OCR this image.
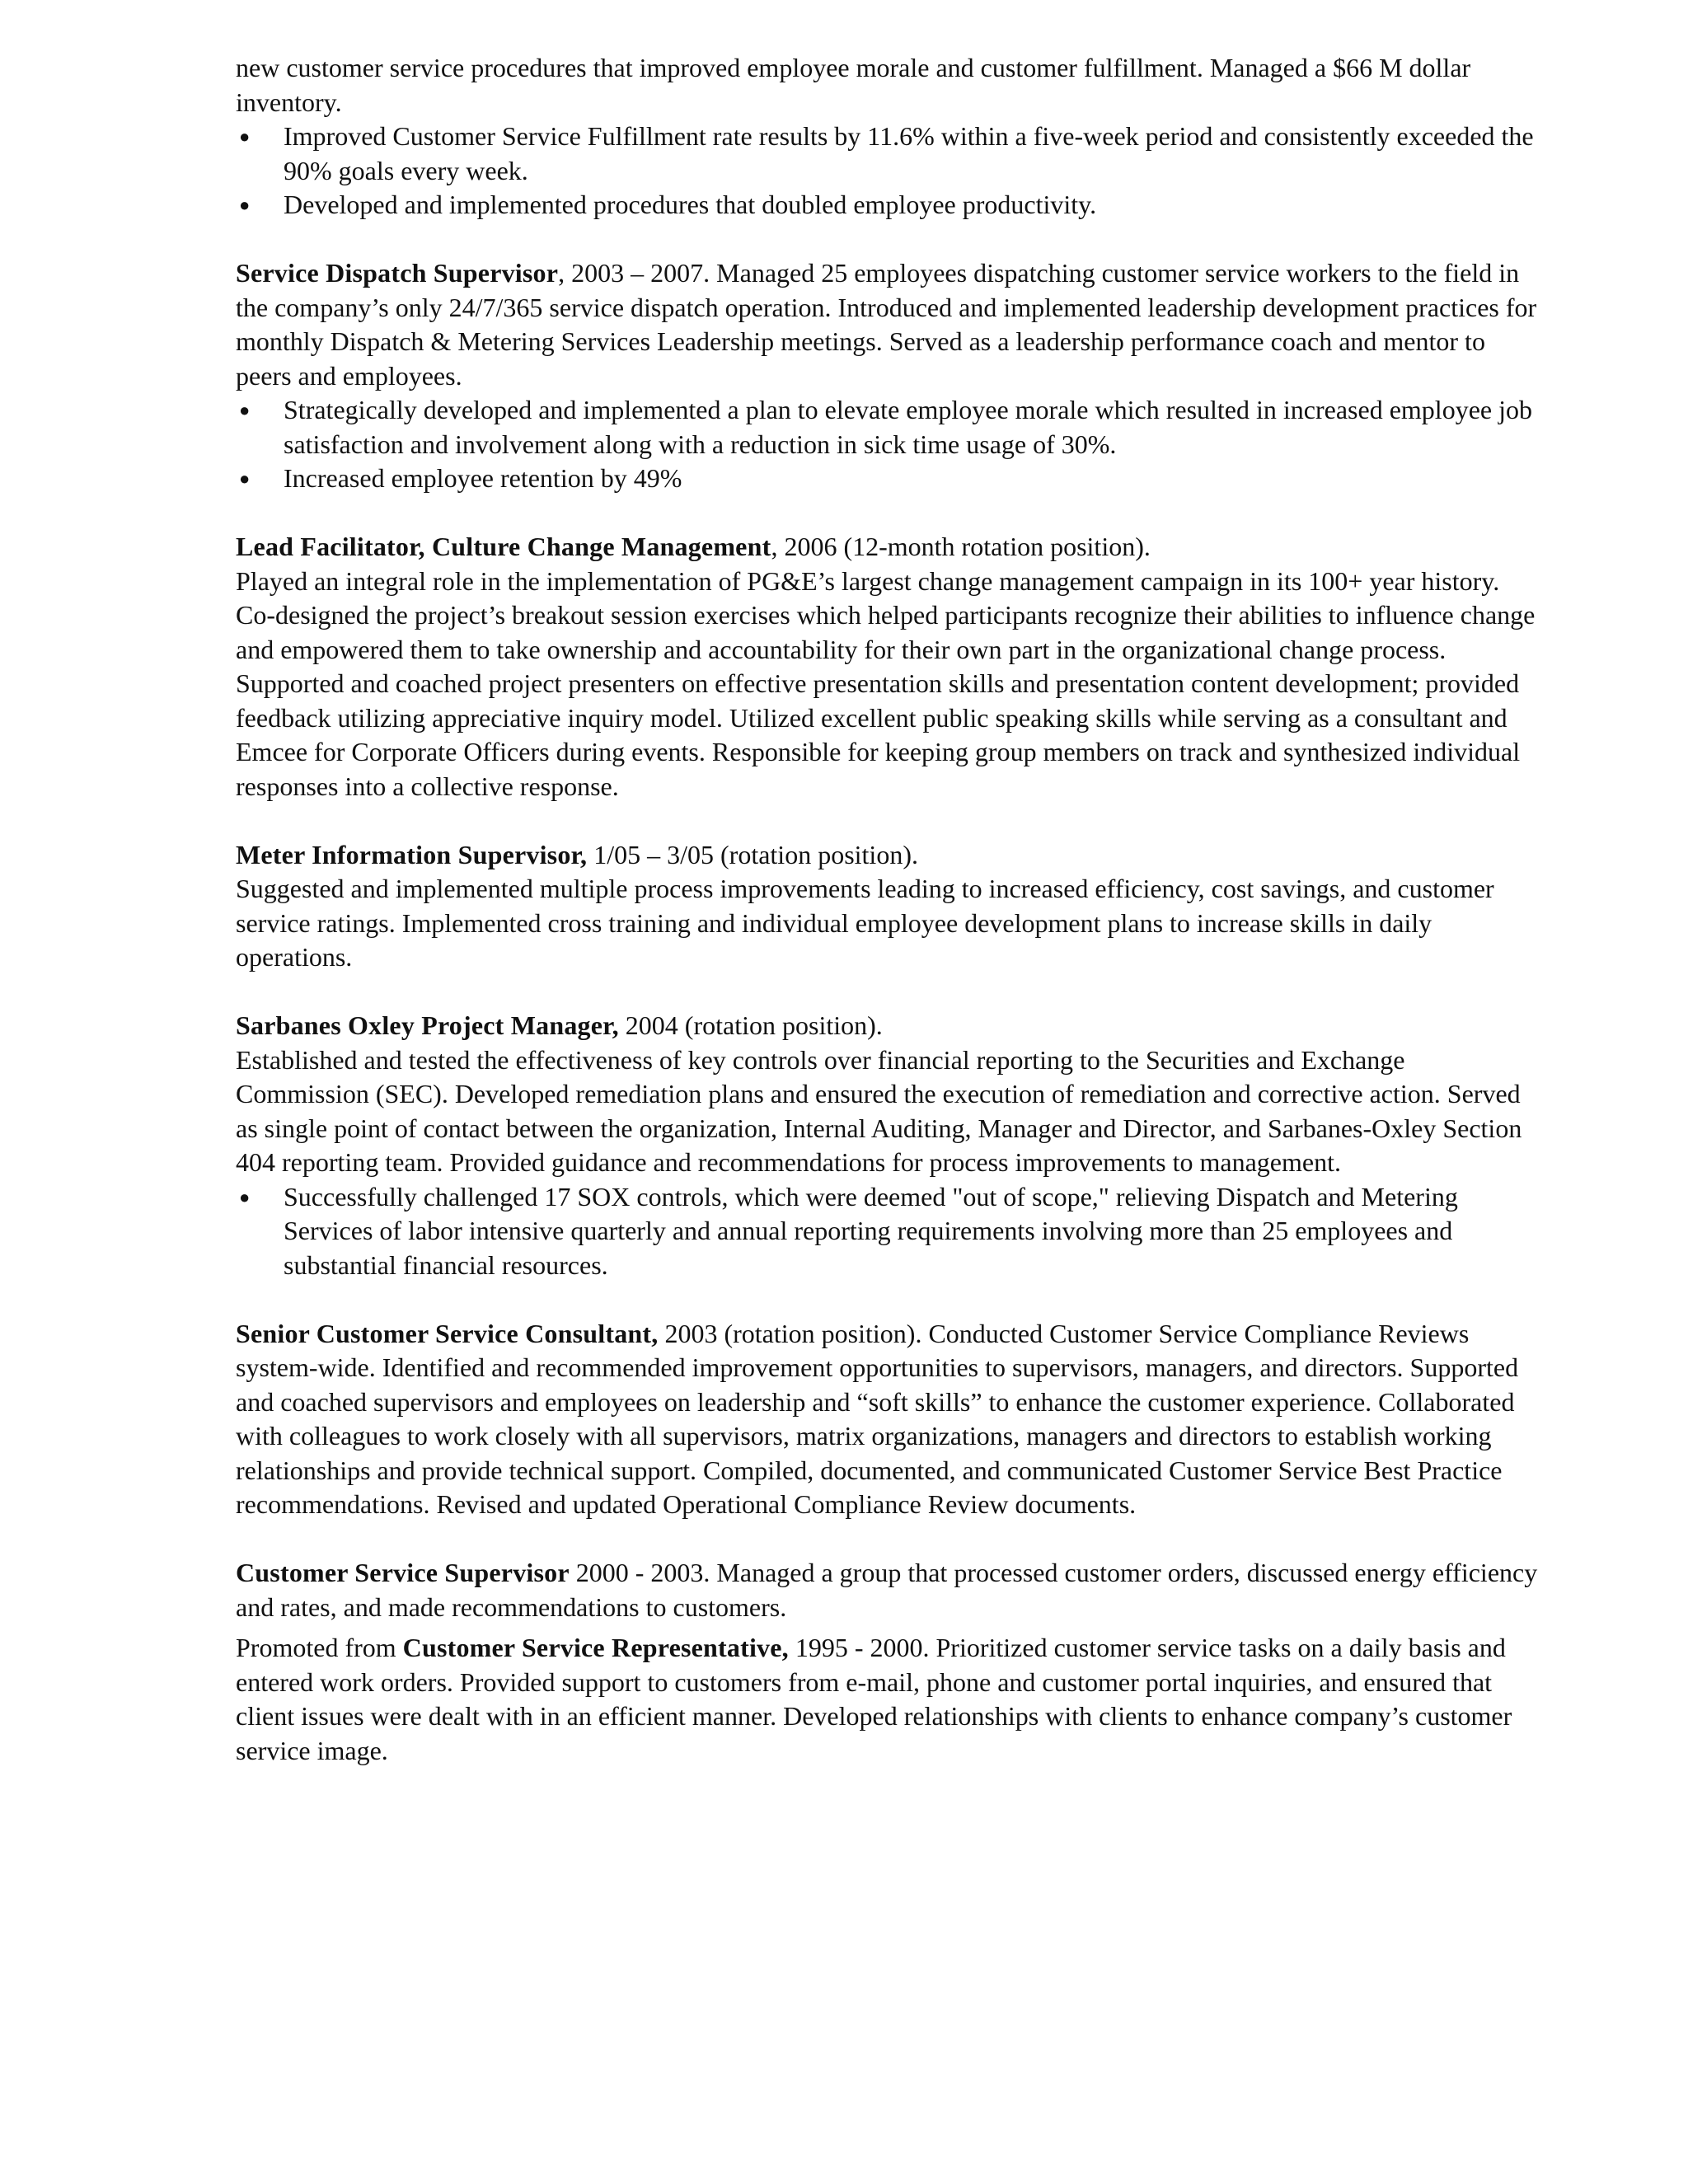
new customer service procedures that improved employee morale and customer fulfillment. Managed a $66 M dollar inventory.

● Improved Customer Service Fulfillment rate results by 11.6% within a five-week period and consistently exceeded the 90% goals every week.
● Developed and implemented procedures that doubled employee productivity.

Service Dispatch Supervisor, 2003 – 2007. Managed 25 employees dispatching customer service workers to the field in the company’s only 24/7/365 service dispatch operation. Introduced and implemented leadership development practices for monthly Dispatch & Metering Services Leadership meetings. Served as a leadership performance coach and mentor to peers and employees.

● Strategically developed and implemented a plan to elevate employee morale which resulted in increased employee job satisfaction and involvement along with a reduction in sick time usage of 30%.
● Increased employee retention by 49%

Lead Facilitator, Culture Change Management, 2006 (12-month rotation position).

Played an integral role in the implementation of PG&E’s largest change management campaign in its 100+ year history. Co-designed the project’s breakout session exercises which helped participants recognize their abilities to influence change and empowered them to take ownership and accountability for their own part in the organizational change process. Supported and coached project presenters on effective presentation skills and presentation content development; provided feedback utilizing appreciative inquiry model. Utilized excellent public speaking skills while serving as a consultant and Emcee for Corporate Officers during events. Responsible for keeping group members on track and synthesized individual responses into a collective response.

Meter Information Supervisor, 1/05 – 3/05 (rotation position).

Suggested and implemented multiple process improvements leading to increased efficiency, cost savings, and customer service ratings. Implemented cross training and individual employee development plans to increase skills in daily operations.

Sarbanes Oxley Project Manager, 2004 (rotation position).

Established and tested the effectiveness of key controls over financial reporting to the Securities and Exchange Commission (SEC). Developed remediation plans and ensured the execution of remediation and corrective action. Served as single point of contact between the organization, Internal Auditing, Manager and Director, and Sarbanes-Oxley Section 404 reporting team. Provided guidance and recommendations for process improvements to management.

● Successfully challenged 17 SOX controls, which were deemed "out of scope," relieving Dispatch and Metering Services of labor intensive quarterly and annual reporting requirements involving more than 25 employees and substantial financial resources.

Senior Customer Service Consultant, 2003 (rotation position). Conducted Customer Service Compliance Reviews system-wide. Identified and recommended improvement opportunities to supervisors, managers, and directors. Supported and coached supervisors and employees on leadership and “soft skills” to enhance the customer experience. Collaborated with colleagues to work closely with all supervisors, matrix organizations, managers and directors to establish working relationships and provide technical support. Compiled, documented, and communicated Customer Service Best Practice recommendations. Revised and updated Operational Compliance Review documents.

Customer Service Supervisor 2000 - 2003. Managed a group that processed customer orders, discussed energy efficiency and rates, and made recommendations to customers.

Promoted from Customer Service Representative, 1995 - 2000. Prioritized customer service tasks on a daily basis and entered work orders. Provided support to customers from e-mail, phone and customer portal inquiries, and ensured that client issues were dealt with in an efficient manner. Developed relationships with clients to enhance company’s customer service image.
